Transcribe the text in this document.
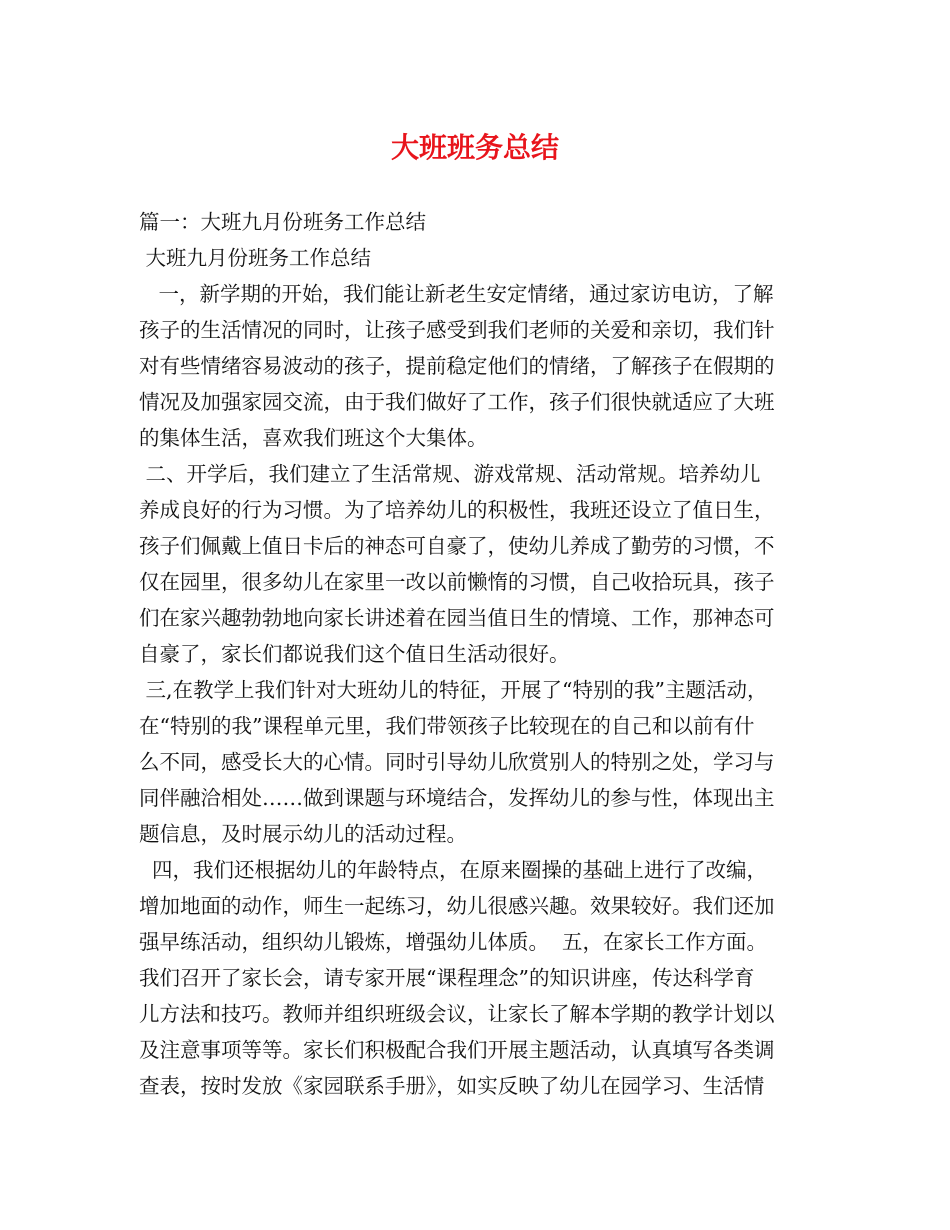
大班班务总结
篇一：大班九月份班务工作总结
大班九月份班务工作总结
一，新学期的开始，我们能让新老生安定情绪，通过家访电访，了解
孩子的生活情况的同时，让孩子感受到我们老师的关爱和亲切，我们针
对有些情绪容易波动的孩子，提前稳定他们的情绪，了解孩子在假期的
情况及加强家园交流，由于我们做好了工作，孩子们很快就适应了大班
的集体生活，喜欢我们班这个大集体。
二、开学后，我们建立了生活常规、游戏常规、活动常规。培养幼儿
养成良好的行为习惯。为了培养幼儿的积极性，我班还设立了值日生，
孩子们佩戴上值日卡后的神态可自豪了，使幼儿养成了勤劳的习惯，不
仅在园里，很多幼儿在家里一改以前懒惰的习惯，自己收拾玩具，孩子
们在家兴趣勃勃地向家长讲述着在园当值日生的情境、工作，那神态可
自豪了，家长们都说我们这个值日生活动很好。
三,在教学上我们针对大班幼儿的特征，开展了“特别的我”主题活动，
在“特别的我”课程单元里，我们带领孩子比较现在的自己和以前有什
么不同，感受长大的心情。同时引导幼儿欣赏别人的特别之处，学习与
同伴融洽相处……做到课题与环境结合，发挥幼儿的参与性，体现出主
题信息，及时展示幼儿的活动过程。
四，我们还根据幼儿的年龄特点，在原来圈操的基础上进行了改编，
增加地面的动作，师生一起练习，幼儿很感兴趣。效果较好。我们还加
强早练活动，组织幼儿锻炼，增强幼儿体质。  五，在家长工作方面。
我们召开了家长会，请专家开展“课程理念”的知识讲座，传达科学育
儿方法和技巧。教师并组织班级会议，让家长了解本学期的教学计划以
及注意事项等等。家长们积极配合我们开展主题活动，认真填写各类调
查表，按时发放《家园联系手册》，如实反映了幼儿在园学习、生活情
